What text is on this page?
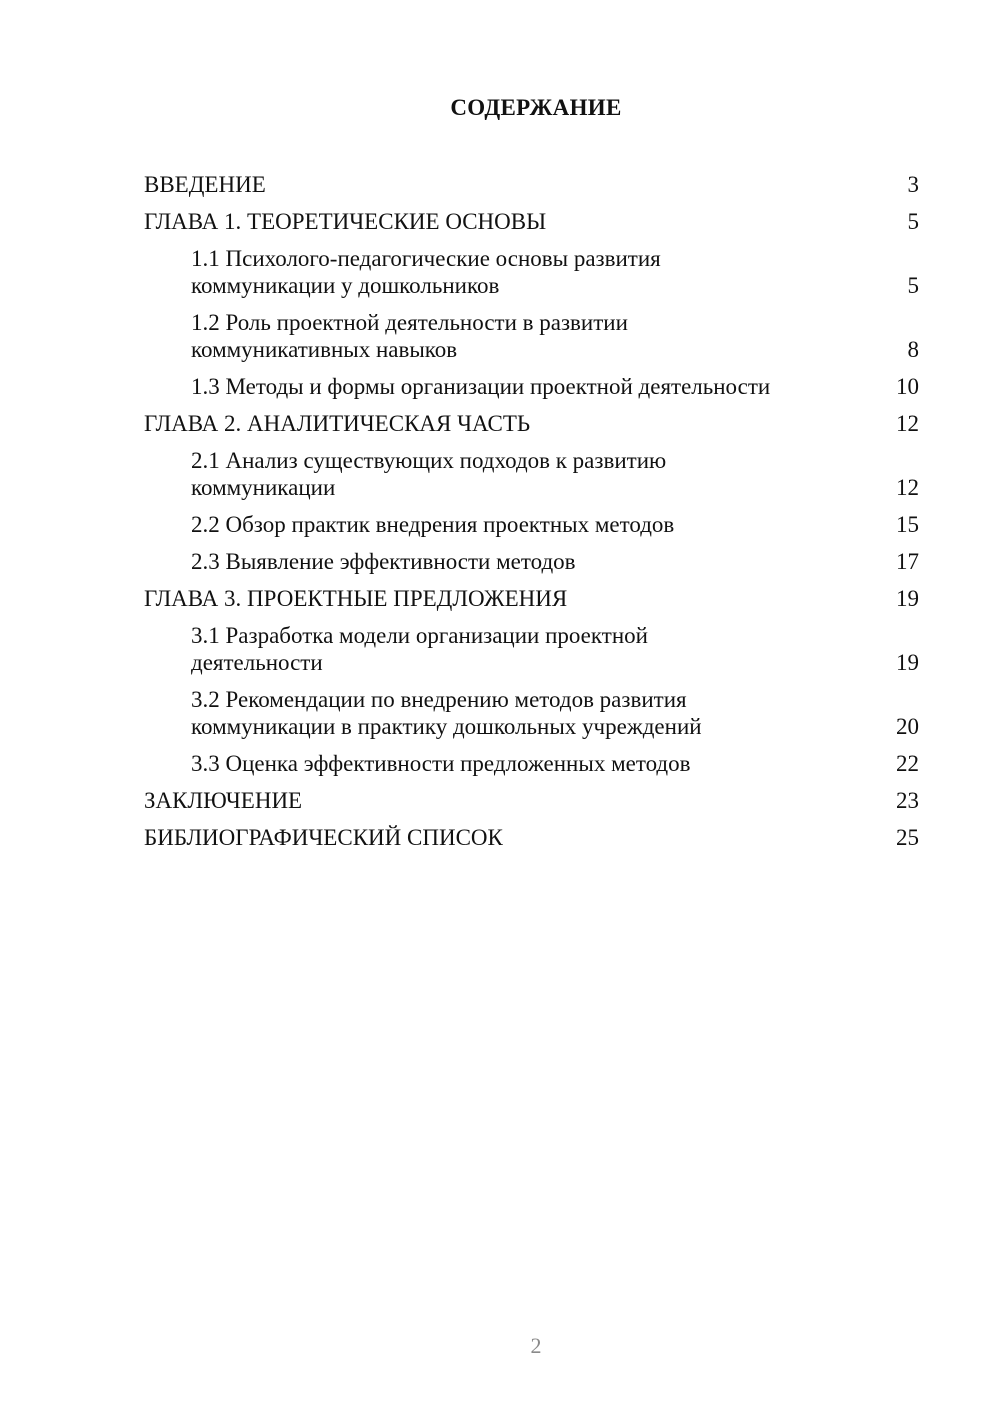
СОДЕРЖАНИЕ
ВВЕДЕНИЕ	3
ГЛАВА 1. ТЕОРЕТИЧЕСКИЕ ОСНОВЫ	5
1.1 Психолого-педагогические основы развития
коммуникации у дошкольников	5
1.2 Роль проектной деятельности в развитии
коммуникативных навыков	8
1.3 Методы и формы организации проектной деятельности	10
ГЛАВА 2. АНАЛИТИЧЕСКАЯ ЧАСТЬ	12
2.1 Анализ существующих подходов к развитию
коммуникации	12
2.2 Обзор практик внедрения проектных методов	15
2.3 Выявление эффективности методов	17
ГЛАВА 3. ПРОЕКТНЫЕ ПРЕДЛОЖЕНИЯ	19
3.1 Разработка модели организации проектной
деятельности	19
3.2 Рекомендации по внедрению методов развития
коммуникации в практику дошкольных учреждений	20
3.3 Оценка эффективности предложенных методов	22
ЗАКЛЮЧЕНИЕ	23
БИБЛИОГРАФИЧЕСКИЙ СПИСОК	25
2
